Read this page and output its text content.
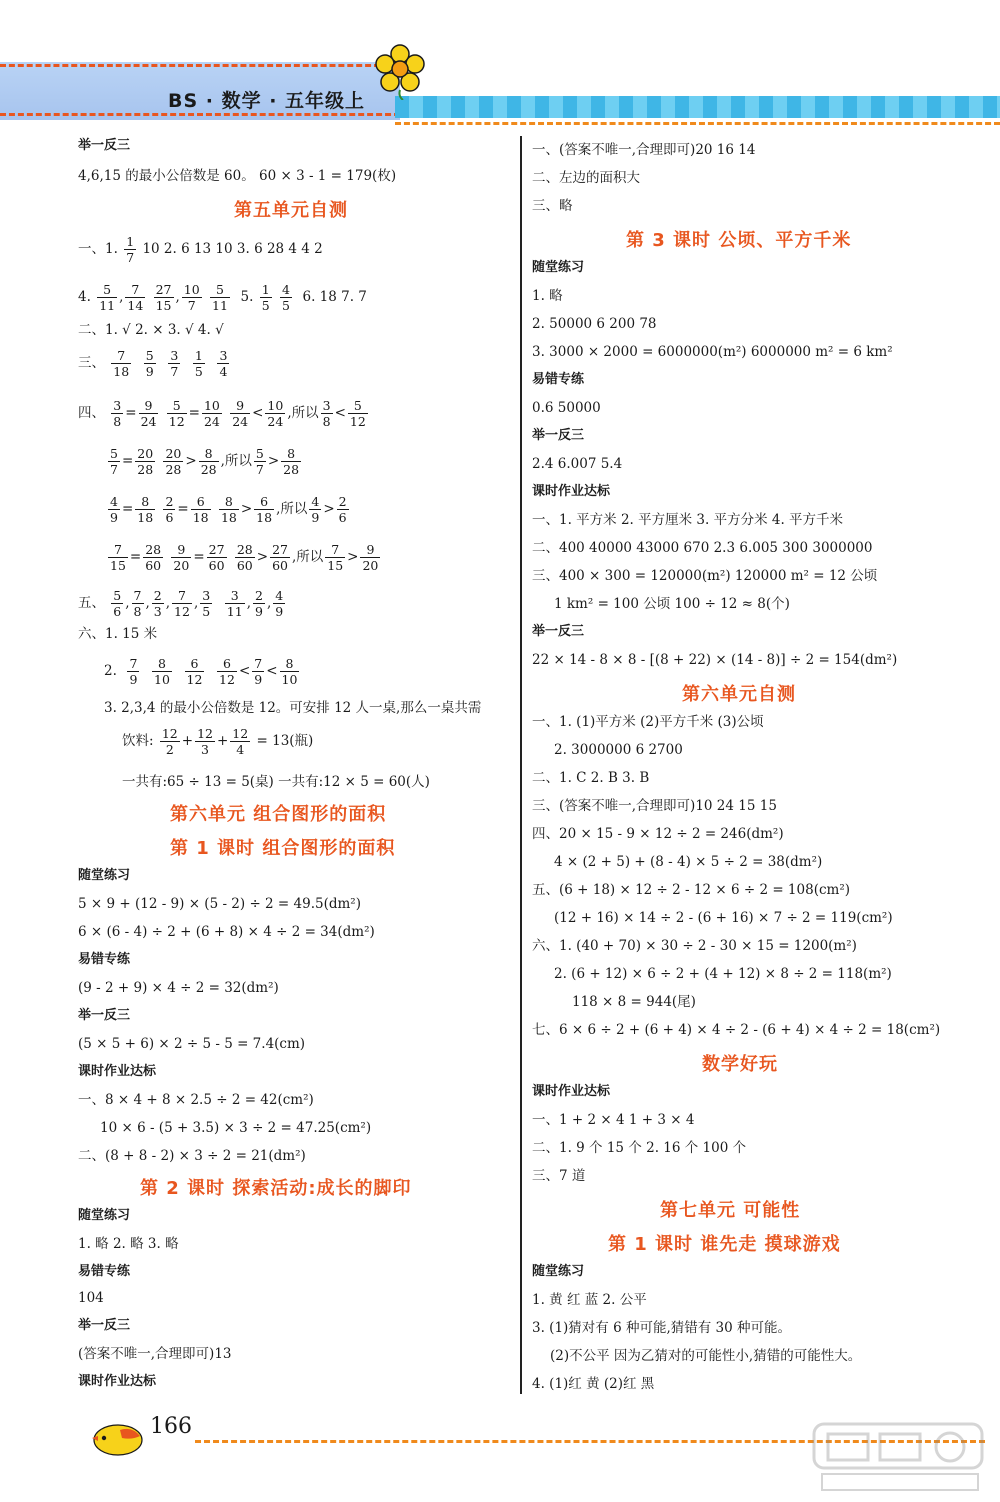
BS · 数学 · 五年级上
举一反三
4,6,15 的最小公倍数是 60。 60 × 3 - 1 = 179(枚)
第五单元自测
一、1. $\frac{1}{7} 10$ 2. 6 13 10 3. 6 28 4 4 2
4. $\frac{5}{11}$ , $\frac{7}{14}$
$\frac{27}{15}$ , $\frac{10}{7}$
$\frac{5}{11} 5$. $\frac{1}{5}$
$\frac{4}{5} 6$. 18 7. 7
二、1. √ 2. × 3. √ 4. √
三、 $\frac{7}{18}$
$\frac{5}{9}$
$\frac{3}{7}$
$\frac{1}{5}$
$\frac{3}{4}$
四、 $\frac{3}{8} = \frac{9}{24}$
$\frac{5}{12} = \frac{10}{24}$
$\frac{9}{24} < \frac{10}{24}$ ,所以 $\frac{3}{8} < \frac{5}{12}$
$\frac{5}{7} = \frac{20}{28}$
$\frac{20}{28} > \frac{8}{28}$ ,所以 $\frac{5}{7} > \frac{8}{28}$
$\frac{4}{9} = \frac{8}{18}$
$\frac{2}{6} = \frac{6}{18}$
$\frac{8}{18} > \frac{6}{18}$ ,所以 $\frac{4}{9} > \frac{2}{6}$
$\frac{7}{15} = \frac{28}{60}$
$\frac{9}{20} = \frac{27}{60}$
$\frac{28}{60} > \frac{27}{60}$ ,所以 $\frac{7}{15} > \frac{9}{20}$
五、 $\frac{5}{6}$ , $\frac{7}{8}$ , $\frac{2}{3}$ , $\frac{7}{12}$ , $\frac{3}{5}$
$\frac{3}{11}$ , $\frac{2}{9}$ , $\frac{4}{9}$
六、1. 15 米
2. $\frac{7}{9}$
$\frac{8}{10}$
$\frac{6}{12}$
$\frac{6}{12} < \frac{7}{9} < \frac{8}{10}$
3. 2,3,4 的最小公倍数是 12。可安排 12 人一桌,那么一桌共需
饮料: $\frac{12}{2} + \frac{12}{3} + \frac{12}{4} = 13$(瓶)
一共有:65 ÷ 13 = 5(桌) 一共有:12 × 5 = 60(人)
第六单元 组合图形的面积
第 1 课时 组合图形的面积
随堂练习
5 × 9 + (12 - 9) × (5 - 2) ÷ 2 = 49.5(dm²)
6 × (6 - 4) ÷ 2 + (6 + 8) × 4 ÷ 2 = 34(dm²)
易错专练
(9 - 2 + 9) × 4 ÷ 2 = 32(dm²)
举一反三
(5 × 5 + 6) × 2 ÷ 5 - 5 = 7.4(cm)
课时作业达标
一、8 × 4 + 8 × 2.5 ÷ 2 = 42(cm²)
10 × 6 - (5 + 3.5) × 3 ÷ 2 = 47.25(cm²)
二、(8 + 8 - 2) × 3 ÷ 2 = 21(dm²)
第 2 课时 探索活动:成长的脚印
随堂练习
1. 略 2. 略 3. 略
易错专练
104
举一反三
(答案不唯一,合理即可)13
课时作业达标
一、(答案不唯一,合理即可)20 16 14
二、左边的面积大
三、略
第 3 课时 公顷、平方千米
随堂练习
1. 略
2. 50000 6 200 78
3. 3000 × 2000 = 6000000(m²) 6000000 m² = 6 km²
易错专练
0.6 50000
举一反三
2.4 6.007 5.4
课时作业达标
一、1. 平方米 2. 平方厘米 3. 平方分米 4. 平方千米
二、400 40000 43000 670 2.3 6.005 300 3000000
三、400 × 300 = 120000(m²) 120000 m² = 12 公顷
1 km² = 100 公顷 100 ÷ 12 ≈ 8(个)
举一反三
22 × 14 - 8 × 8 - [(8 + 22) × (14 - 8)] ÷ 2 = 154(dm²)
第六单元自测
一、1. (1)平方米 (2)平方千米 (3)公顷
2. 3000000 6 2700
二、1. C 2. B 3. B
三、(答案不唯一,合理即可)10 24 15 15
四、20 × 15 - 9 × 12 ÷ 2 = 246(dm²)
4 × (2 + 5) + (8 - 4) × 5 ÷ 2 = 38(dm²)
五、(6 + 18) × 12 ÷ 2 - 12 × 6 ÷ 2 = 108(cm²)
(12 + 16) × 14 ÷ 2 - (6 + 16) × 7 ÷ 2 = 119(cm²)
六、1. (40 + 70) × 30 ÷ 2 - 30 × 15 = 1200(m²)
2. (6 + 12) × 6 ÷ 2 + (4 + 12) × 8 ÷ 2 = 118(m²)
118 × 8 = 944(尾)
七、6 × 6 ÷ 2 + (6 + 4) × 4 ÷ 2 - (6 + 4) × 4 ÷ 2 = 18(cm²)
数学好玩
课时作业达标
一、1 + 2 × 4 1 + 3 × 4
二、1. 9 个 15 个 2. 16 个 100 个
三、7 道
第七单元 可能性
第 1 课时 谁先走 摸球游戏
随堂练习
1. 黄 红 蓝 2. 公平
3. (1)猜对有 6 种可能,猜错有 30 种可能。
(2)不公平 因为乙猜对的可能性小,猜错的可能性大。
4. (1)红 黄 (2)红 黑
166
